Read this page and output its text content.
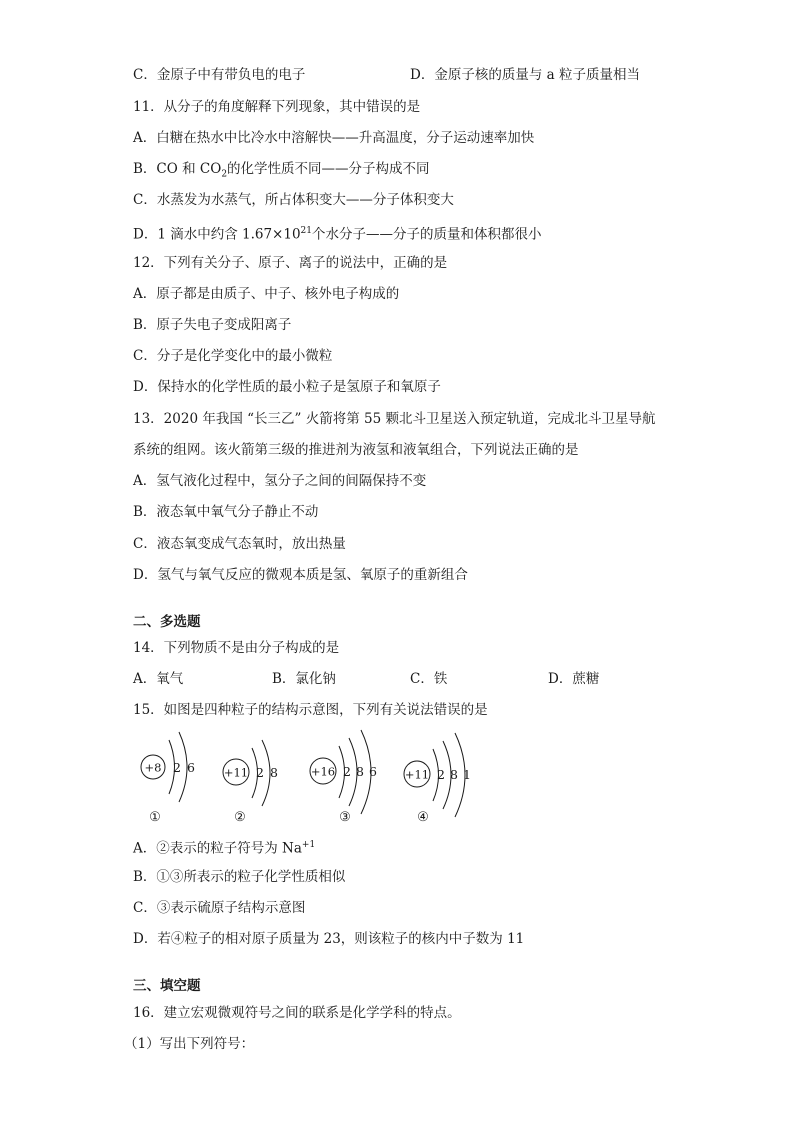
C．金原子中有带负电的电子	D．金原子核的质量与 a 粒子质量相当
11．从分子的角度解释下列现象，其中错误的是
A．白糖在热水中比冷水中溶解快——升高温度，分子运动速率加快
B．CO 和 $CO_2$的化学性质不同——分子构成不同
C．水蒸发为水蒸气，所占体积变大——分子体积变大
D．1 滴水中约含 $1.67\times 10^{21}$个水分子——分子的质量和体积都很小
12．下列有关分子、原子、离子的说法中，正确的是
A．原子都是由质子、中子、核外电子构成的
B．原子失电子变成阳离子
C．分子是化学变化中的最小微粒
D．保持水的化学性质的最小粒子是氢原子和氧原子
13．2020 年我国 “长三乙” 火箭将第 55 颗北斗卫星送入预定轨道，完成北斗卫星导航
系统的组网。该火箭第三级的推进剂为液氢和液氧组合，下列说法正确的是
A．氢气液化过程中，氢分子之间的间隔保持不变
B．液态氧中氧气分子静止不动
C．液态氧变成气态氧时，放出热量
D．氢气与氧气反应的微观本质是氢、氧原子的重新组合
二、多选题
14．下列物质不是由分子构成的是
A．氧气	B．氯化钠	C．铁	D．蔗糖
15．如图是四种粒子的结构示意图，下列有关说法错误的是
+8 2 6
①
+11 2 8
②
+16 2 8 6
③
+11 2 8 1
④
A．②表示的粒子符号为 $Na^{+1}$
B．①③所表示的粒子化学性质相似
C．③表示硫原子结构示意图
D．若④粒子的相对原子质量为 23，则该粒子的核内中子数为 11
三、填空题
16．建立宏观微观符号之间的联系是化学学科的特点。
（1）写出下列符号：
